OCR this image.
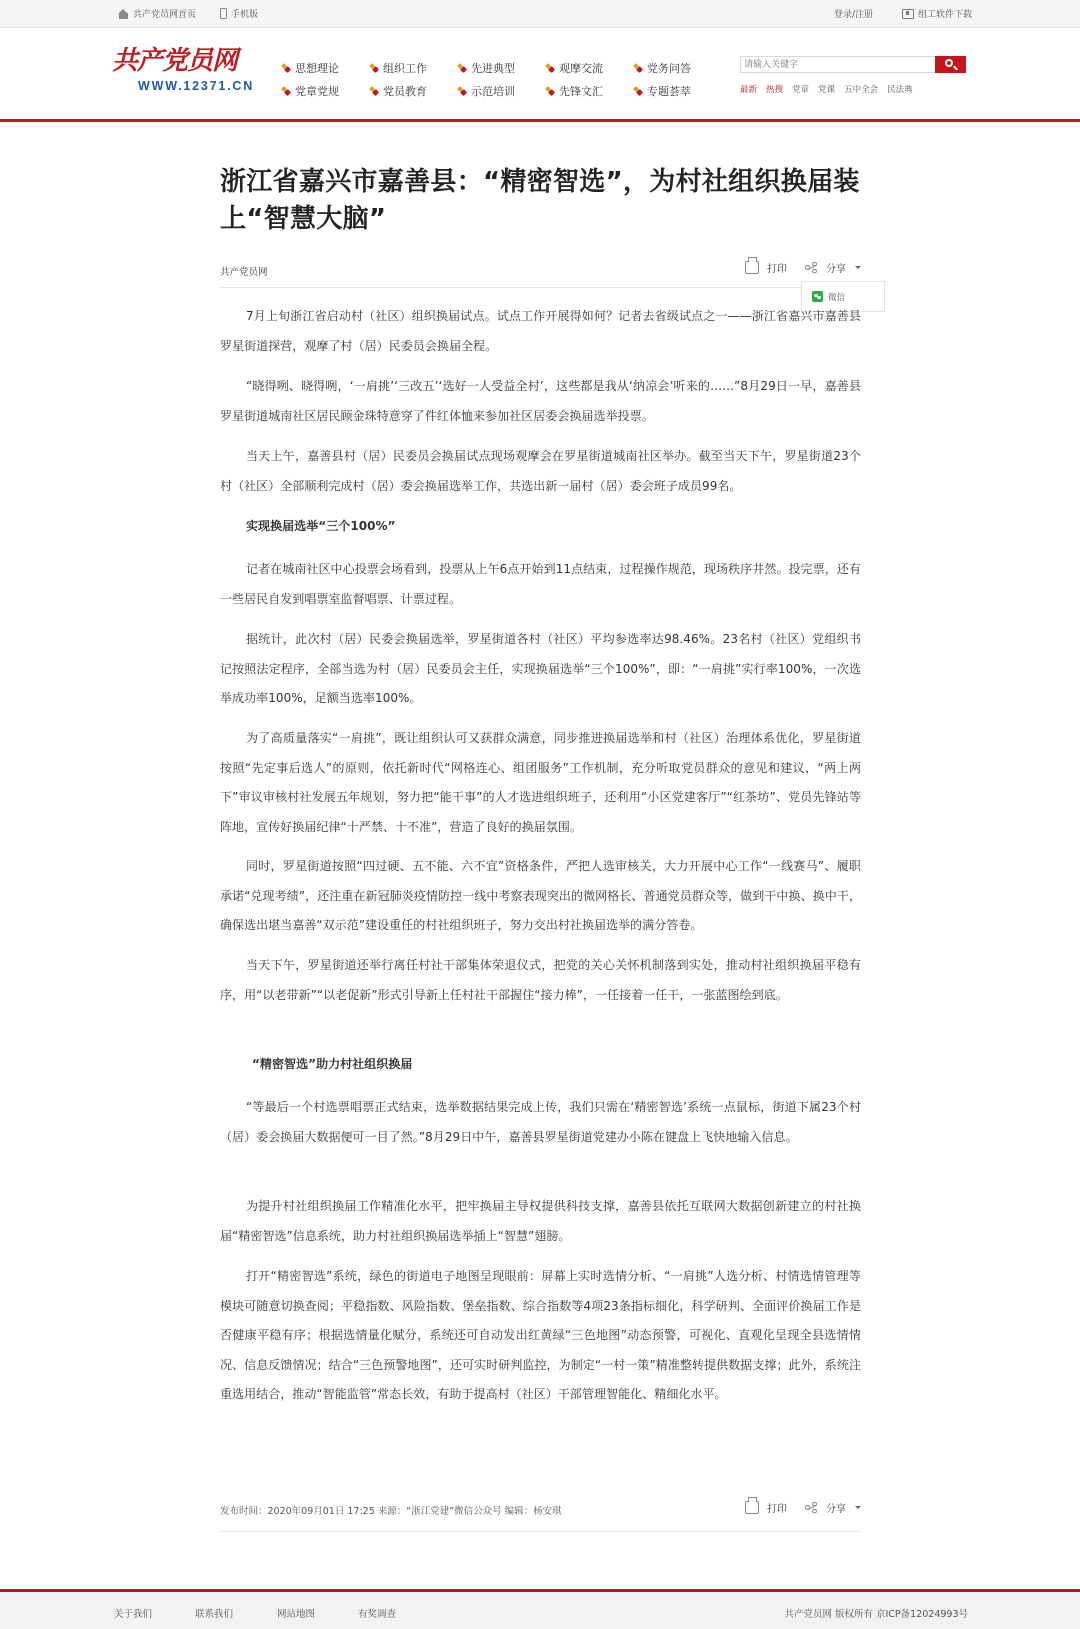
共产党员网首页	手机版	登录/注册	组工软件下载
共产党员网
WWW.12371.CN
思想理论	组织工作	先进典型	观摩交流	党务问答
党章党规	党员教育	示范培训	先锋文汇	专题荟萃
请输入关键字	最新 热搜 党章 党课 五中全会 民法典
浙江省嘉兴市嘉善县：“精密智选”，为村社组织换届装上“智慧大脑”
共产党员网	打印	分享
微信

7月上旬浙江省启动村（社区）组织换届试点。试点工作开展得如何？记者去省级试点之一——浙江省嘉兴市嘉善县罗星街道探营，观摩了村（居）民委员会换届全程。

“晓得咧、晓得咧，‘一肩挑’‘三改五’‘选好一人受益全村’，这些都是我从‘纳凉会’听来的……”8月29日一早，嘉善县罗星街道城南社区居民顾金珠特意穿了件红体恤来参加社区居委会换届选举投票。

当天上午，嘉善县村（居）民委员会换届试点现场观摩会在罗星街道城南社区举办。截至当天下午，罗星街道23个村（社区）全部顺利完成村（居）委会换届选举工作，共选出新一届村（居）委会班子成员99名。

实现换届选举“三个100%”

记者在城南社区中心投票会场看到，投票从上午6点开始到11点结束，过程操作规范，现场秩序井然。投完票，还有一些居民自发到唱票室监督唱票、计票过程。

据统计，此次村（居）民委会换届选举，罗星街道各村（社区）平均参选率达98.46%。23名村（社区）党组织书记按照法定程序，全部当选为村（居）民委员会主任，实现换届选举“三个100%”，即：“一肩挑”实行率100%，一次选举成功率100%，足额当选率100%。

为了高质量落实“一肩挑”，既让组织认可又获群众满意，同步推进换届选举和村（社区）治理体系优化，罗星街道按照“先定事后选人”的原则，依托新时代“网格连心、组团服务”工作机制，充分听取党员群众的意见和建议，“两上两下”审议审核村社发展五年规划，努力把“能干事”的人才选进组织班子，还利用“小区党建客厅”“红茶坊”、党员先锋站等阵地，宣传好换届纪律“十严禁、十不准”，营造了良好的换届氛围。

同时，罗星街道按照“四过硬、五不能、六不宜”资格条件，严把人选审核关，大力开展中心工作“一线赛马”、履职承诺“兑现考绩”，还注重在新冠肺炎疫情防控一线中考察表现突出的微网格长、普通党员群众等，做到干中换、换中干，确保选出堪当嘉善“双示范”建设重任的村社组织班子，努力交出村社换届选举的满分答卷。

当天下午，罗星街道还举行离任村社干部集体荣退仪式，把党的关心关怀机制落到实处，推动村社组织换届平稳有序，用“以老带新”“以老促新”形式引导新上任村社干部握住“接力棒”，一任接着一任干，一张蓝图绘到底。

“精密智选”助力村社组织换届

“等最后一个村选票唱票正式结束，选举数据结果完成上传，我们只需在‘精密智选’系统一点鼠标，街道下属23个村（居）委会换届大数据便可一目了然。”8月29日中午，嘉善县罗星街道党建办小陈在键盘上飞快地输入信息。

为提升村社组织换届工作精准化水平，把牢换届主导权提供科技支撑，嘉善县依托互联网大数据创新建立的村社换届“精密智选”信息系统，助力村社组织换届选举插上“智慧”翅膀。

打开“精密智选”系统，绿色的街道电子地图呈现眼前：屏幕上实时选情分析、“一肩挑”人选分析、村情选情管理等模块可随意切换查阅；平稳指数、风险指数、堡垒指数、综合指数等4项23条指标细化，科学研判、全面评价换届工作是否健康平稳有序；根据选情量化赋分，系统还可自动发出红黄绿“三色地图”动态预警，可视化、直观化呈现全县选情情况、信息反馈情况；结合“三色预警地图”，还可实时研判监控，为制定“一村一策”精准整转提供数据支撑；此外，系统注重选用结合，推动“智能监管”常态长效，有助于提高村（社区）干部管理智能化、精细化水平。

发布时间：2020年09月01日 17:25 来源：“浙江党建”微信公众号 编辑：杨安琪	打印	分享
关于我们	联系我们	网站地图	有奖调查	共产党员网 版权所有 京ICP备12024993号
